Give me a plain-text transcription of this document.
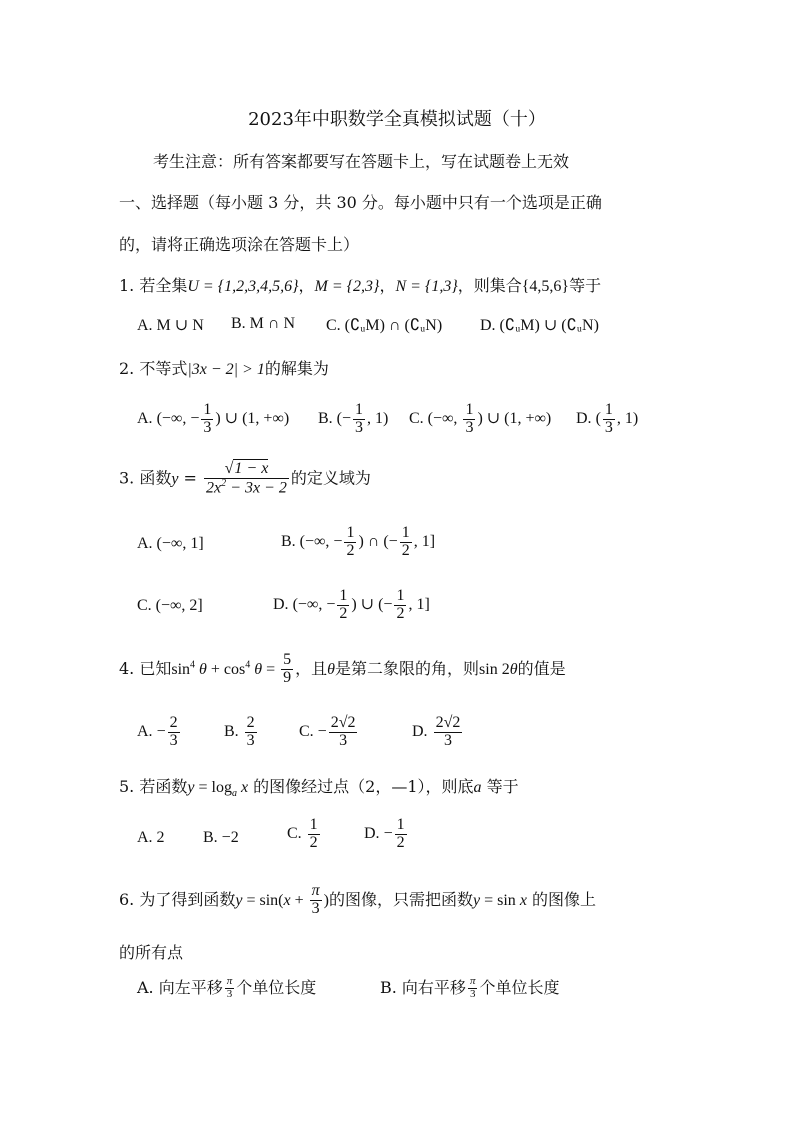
2023年中职数学全真模拟试题（十）
考生注意：所有答案都要写在答题卡上，写在试题卷上无效
一、选择题（每小题 3 分，共 30 分。每小题中只有一个选项是正确
的，请将正确选项涂在答题卡上）
1. 若全集U = {1,2,3,4,5,6}，M = {2,3}，N = {1,3}，则集合{4,5,6}等于
A. M ∪ N B. M ∩ N C. (∁ᵤM) ∩ (∁ᵤN) D. (∁ᵤM) ∪ (∁ᵤN)
2. 不等式|3x − 2| > 1的解集为
A. (−∞, − $\frac{1}{3}$ ) ∪ (1, +∞) B. (− $\frac{1}{3}$ , 1) C. (−∞, $\frac{1}{3}$ ) ∪ (1, +∞) D. ( $\frac{1}{3}$ , 1)
3. 函数$y = \frac{√1 - x}{2x^2 - 3x - 2}$ 的定义域为
A. (−∞, 1]	B. (−∞, − $\frac{1}{2}$ ) ∩ (− $\frac{1}{2}$ , 1]
C. (−∞, 2]	D. (−∞, − $\frac{1}{2}$ ) ∪ (− $\frac{1}{2}$ , 1]
4. 已知$\sin^4 \theta + \cos^4 \theta = \frac{5}{9}$ ，且θ是第二象限的角，则sin 2θ的值是
A. − $\frac{2}{3}$	B. $\frac{2}{3}$	C. − $\frac{2√2}{3}$	D. $\frac{2√2}{3}$
5. 若函数$y = \log_a x$ 的图像经过点（2，—1），则底a 等于
A. 2 B. −2	C. $\frac{1}{2}$	D. − $\frac{1}{2}$
6. 为了得到函数$y = \sin(x + \frac{\pi}{3}$ )的图像，只需把函数y = sin x 的图像上
的所有点
A. 向左平移 $\frac{\pi}{3}$ 个单位长度	B. 向右平移 $\frac{\pi}{3}$ 个单位长度
